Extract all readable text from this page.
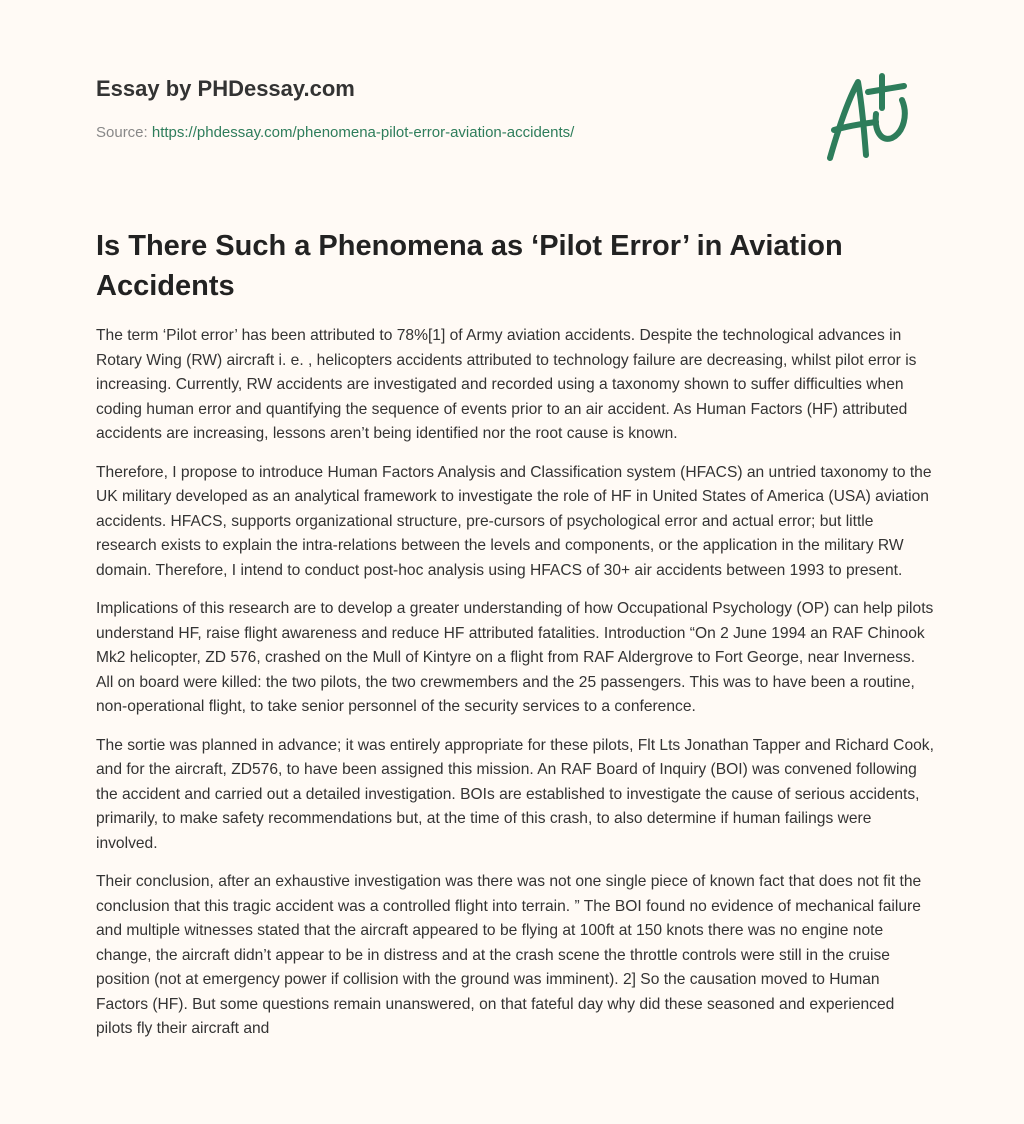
Essay by PHDessay.com
Source: https://phdessay.com/phenomena-pilot-error-aviation-accidents/
Is There Such a Phenomena as ‘Pilot Error’ in Aviation Accidents

The term ‘Pilot error’ has been attributed to 78%[1] of Army aviation accidents. Despite the technological advances in Rotary Wing (RW) aircraft i. e. , helicopters accidents attributed to technology failure are decreasing, whilst pilot error is increasing. Currently, RW accidents are investigated and recorded using a taxonomy shown to suffer difficulties when coding human error and quantifying the sequence of events prior to an air accident. As Human Factors (HF) attributed accidents are increasing, lessons aren’t being identified nor the root cause is known.

Therefore, I propose to introduce Human Factors Analysis and Classification system (HFACS) an untried taxonomy to the UK military developed as an analytical framework to investigate the role of HF in United States of America (USA) aviation accidents. HFACS, supports organizational structure, pre-cursors of psychological error and actual error; but little research exists to explain the intra-relations between the levels and components, or the application in the military RW domain. Therefore, I intend to conduct post-hoc analysis using HFACS of 30+ air accidents between 1993 to present.

Implications of this research are to develop a greater understanding of how Occupational Psychology (OP) can help pilots understand HF, raise flight awareness and reduce HF attributed fatalities. Introduction “On 2 June 1994 an RAF Chinook Mk2 helicopter, ZD 576, crashed on the Mull of Kintyre on a flight from RAF Aldergrove to Fort George, near Inverness. All on board were killed: the two pilots, the two crewmembers and the 25 passengers. This was to have been a routine, non-operational flight, to take senior personnel of the security services to a conference.

The sortie was planned in advance; it was entirely appropriate for these pilots, Flt Lts Jonathan Tapper and Richard Cook, and for the aircraft, ZD576, to have been assigned this mission. An RAF Board of Inquiry (BOI) was convened following the accident and carried out a detailed investigation. BOIs are established to investigate the cause of serious accidents, primarily, to make safety recommendations but, at the time of this crash, to also determine if human failings were involved.

Their conclusion, after an exhaustive investigation was there was not one single piece of known fact that does not fit the conclusion that this tragic accident was a controlled flight into terrain. ” The BOI found no evidence of mechanical failure and multiple witnesses stated that the aircraft appeared to be flying at 100ft at 150 knots there was no engine note change, the aircraft didn’t appear to be in distress and at the crash scene the throttle controls were still in the cruise position (not at emergency power if collision with the ground was imminent). 2] So the causation moved to Human Factors (HF). But some questions remain unanswered, on that fateful day why did these seasoned and experienced pilots fly their aircraft and
